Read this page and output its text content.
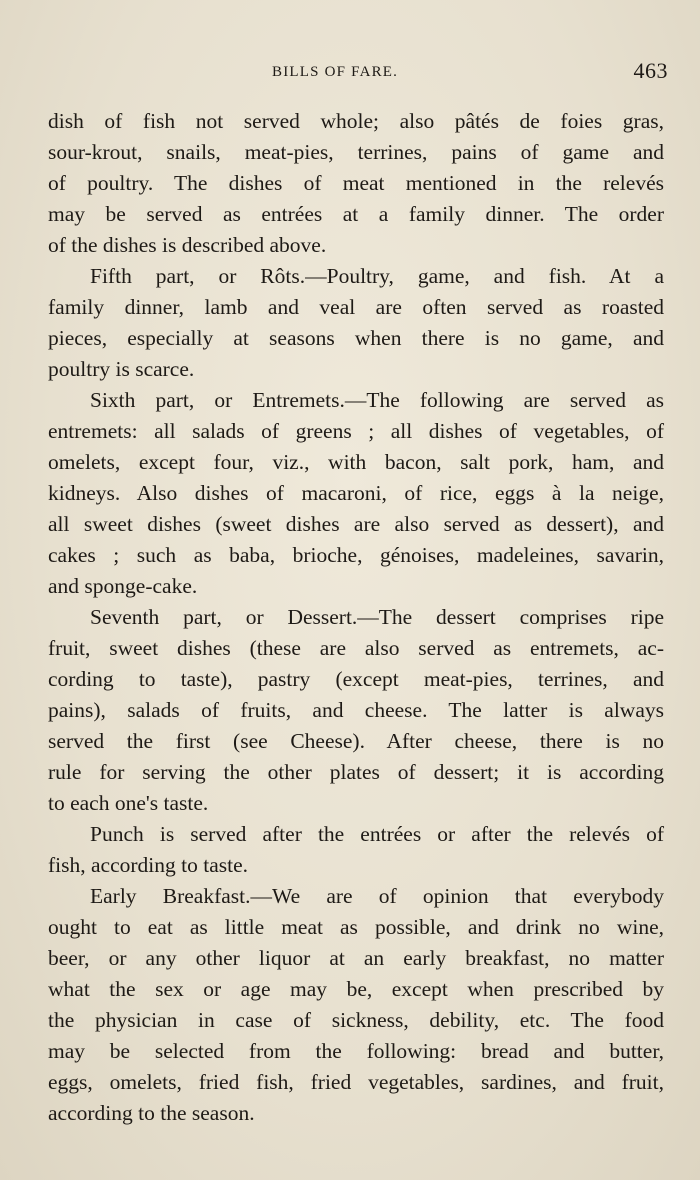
BILLS OF FARE.	463
dish of fish not served whole; also pâtés de foies gras,
sour-krout, snails, meat-pies, terrines, pains of game and
of poultry. The dishes of meat mentioned in the relevés
may be served as entrées at a family dinner. The order
of the dishes is described above.
Fifth part, or Rôts.—Poultry, game, and fish. At a
family dinner, lamb and veal are often served as roasted
pieces, especially at seasons when there is no game, and
poultry is scarce.
Sixth part, or Entremets.—The following are served as
entremets: all salads of greens ; all dishes of vegetables, of
omelets, except four, viz., with bacon, salt pork, ham, and
kidneys. Also dishes of macaroni, of rice, eggs à la neige,
all sweet dishes (sweet dishes are also served as dessert), and
cakes ; such as baba, brioche, génoises, madeleines, savarin,
and sponge-cake.
Seventh part, or Dessert.—The dessert comprises ripe
fruit, sweet dishes (these are also served as entremets, ac-
cording to taste), pastry (except meat-pies, terrines, and
pains), salads of fruits, and cheese. The latter is always
served the first (see Cheese). After cheese, there is no
rule for serving the other plates of dessert; it is according
to each one's taste.
Punch is served after the entrées or after the relevés of
fish, according to taste.
Early Breakfast.—We are of opinion that everybody
ought to eat as little meat as possible, and drink no wine,
beer, or any other liquor at an early breakfast, no matter
what the sex or age may be, except when prescribed by
the physician in case of sickness, debility, etc. The food
may be selected from the following: bread and butter,
eggs, omelets, fried fish, fried vegetables, sardines, and fruit,
according to the season.
